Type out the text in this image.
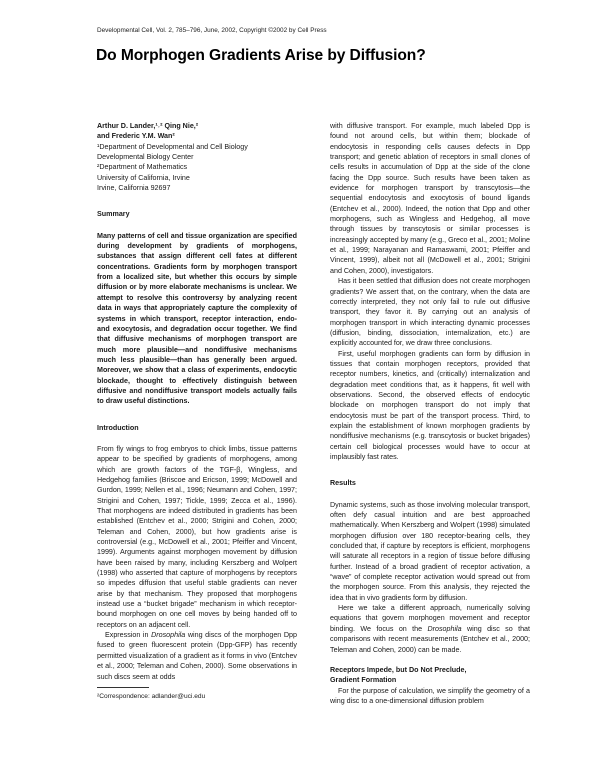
Developmental Cell, Vol. 2, 785–796, June, 2002, Copyright ©2002 by Cell Press
Do Morphogen Gradients Arise by Diffusion?
Arthur D. Lander,¹˒² Qing Nie,²
and Frederic Y.M. Wan²
¹Department of Developmental and Cell Biology
Developmental Biology Center
²Department of Mathematics
University of California, Irvine
Irvine, California 92697
Summary

Many patterns of cell and tissue organization are specified during development by gradients of morphogens, substances that assign different cell fates at different concentrations. Gradients form by morphogen transport from a localized site, but whether this occurs by simple diffusion or by more elaborate mechanisms is unclear. We attempt to resolve this controversy by analyzing recent data in ways that appropriately capture the complexity of systems in which transport, receptor interaction, endo- and exocytosis, and degradation occur together. We find that diffusive mechanisms of morphogen transport are much more plausible—and nondiffusive mechanisms much less plausible—than has generally been argued. Moreover, we show that a class of experiments, endocytic blockade, thought to effectively distinguish between diffusive and nondiffusive transport models actually fails to draw useful distinctions.

Introduction

From fly wings to frog embryos to chick limbs, tissue patterns appear to be specified by gradients of morphogens, among which are growth factors of the TGF-β, Wingless, and Hedgehog families (Briscoe and Ericson, 1999; McDowell and Gurdon, 1999; Nellen et al., 1996; Neumann and Cohen, 1997; Strigini and Cohen, 1997; Tickle, 1999; Zecca et al., 1996). That morphogens are indeed distributed in gradients has been established (Entchev et al., 2000; Strigini and Cohen, 2000; Teleman and Cohen, 2000), but how gradients arise is controversial (e.g., McDowell et al., 2001; Pfeiffer and Vincent, 1999). Arguments against morphogen movement by diffusion have been raised by many, including Kerszberg and Wolpert (1998) who asserted that capture of morphogens by receptors so impedes diffusion that useful stable gradients can never arise by that mechanism. They proposed that morphogens instead use a “bucket brigade” mechanism in which receptor-bound morphogen on one cell moves by being handed off to receptors on an adjacent cell.

Expression in Drosophila wing discs of the morphogen Dpp fused to green fluorescent protein (Dpp-GFP) has recently permitted visualization of a gradient as it forms in vivo (Entchev et al., 2000; Teleman and Cohen, 2000). Some observations in such discs seem at odds

²Correspondence: adlander@uci.edu

with diffusive transport. For example, much labeled Dpp is found not around cells, but within them; blockade of endocytosis in responding cells causes defects in Dpp transport; and genetic ablation of receptors in small clones of cells results in accumulation of Dpp at the side of the clone facing the Dpp source. Such results have been taken as evidence for morphogen transport by transcytosis—the sequential endocytosis and exocytosis of bound ligands (Entchev et al., 2000). Indeed, the notion that Dpp and other morphogens, such as Wingless and Hedgehog, all move through tissues by transcytosis or similar processes is increasingly accepted by many (e.g., Greco et al., 2001; Moline et al., 1999; Narayanan and Ramaswami, 2001; Pfeiffer and Vincent, 1999), albeit not all (McDowell et al., 2001; Strigini and Cohen, 2000), investigators.

Has it been settled that diffusion does not create morphogen gradients? We assert that, on the contrary, when the data are correctly interpreted, they not only fail to rule out diffusive transport, they favor it. By carrying out an analysis of morphogen transport in which interacting dynamic processes (diffusion, binding, dissociation, internalization, etc.) are explicitly accounted for, we draw three conclusions.

First, useful morphogen gradients can form by diffusion in tissues that contain morphogen receptors, provided that receptor numbers, kinetics, and (critically) internalization and degradation meet conditions that, as it happens, fit well with observations. Second, the observed effects of endocytic blockade on morphogen transport do not imply that endocytosis must be part of the transport process. Third, to explain the establishment of known morphogen gradients by nondiffusive mechanisms (e.g. transcytosis or bucket brigades) certain cell biological processes would have to occur at implausibly fast rates.

Results

Dynamic systems, such as those involving molecular transport, often defy casual intuition and are best approached mathematically. When Kerszberg and Wolpert (1998) simulated morphogen diffusion over 180 receptor-bearing cells, they concluded that, if capture by receptors is efficient, morphogens will saturate all receptors in a region of tissue before diffusing further. Instead of a broad gradient of receptor activation, a “wave” of complete receptor activation would spread out from the morphogen source. From this analysis, they rejected the idea that in vivo gradients form by diffusion.

Here we take a different approach, numerically solving equations that govern morphogen movement and receptor binding. We focus on the Drosophila wing disc so that comparisons with recent measurements (Entchev et al., 2000; Teleman and Cohen, 2000) can be made.

Receptors Impede, but Do Not Preclude,
Gradient Formation

For the purpose of calculation, we simplify the geometry of a wing disc to a one-dimensional diffusion problem
